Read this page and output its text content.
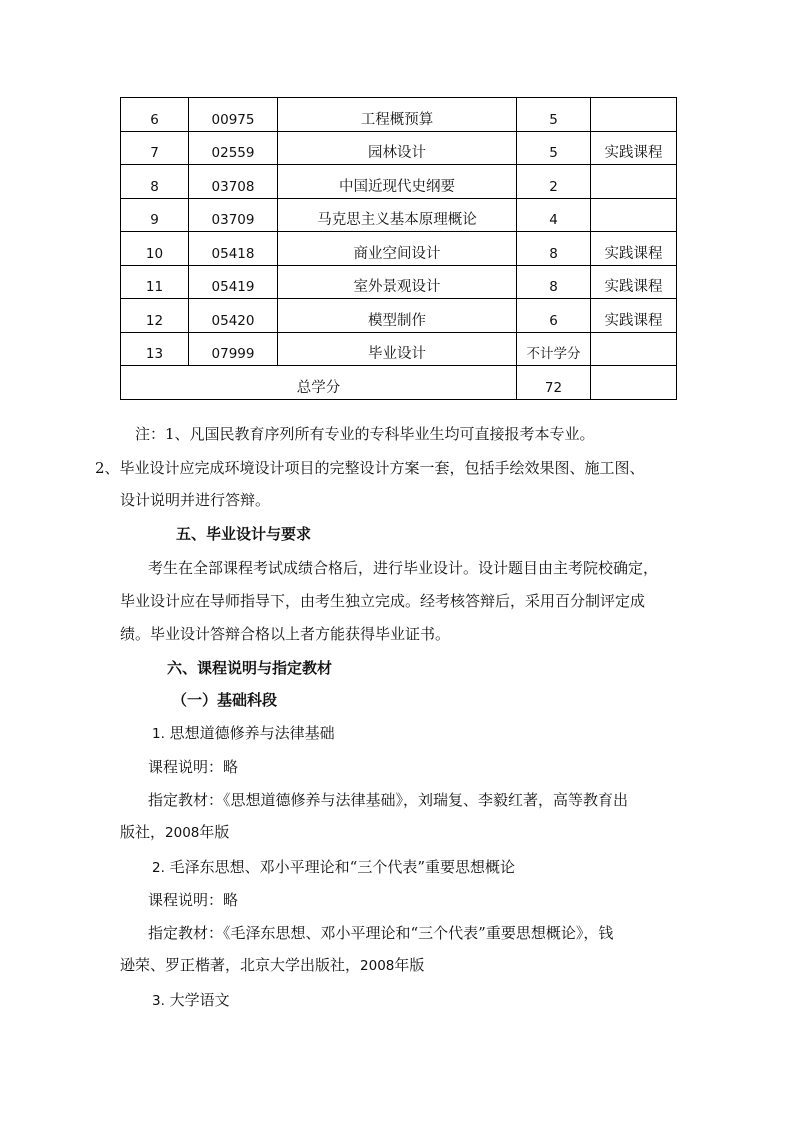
6	00975	工程概预算	5	
7	02559	园林设计	5	实践课程
8	03708	中国近现代史纲要	2	
9	03709	马克思主义基本原理概论	4	
10	05418	商业空间设计	8	实践课程
11	05419	室外景观设计	8	实践课程
12	05420	模型制作	6	实践课程
13	07999	毕业设计	不计学分	
总学分			72	

注：1、凡国民教育序列所有专业的专科毕业生均可直接报考本专业。

2、毕业设计应完成环境设计项目的完整设计方案一套，包括手绘效果图、施工图、

设计说明并进行答辩。

五、毕业设计与要求

考生在全部课程考试成绩合格后，进行毕业设计。设计题目由主考院校确定，

毕业设计应在导师指导下，由考生独立完成。经考核答辩后，采用百分制评定成

绩。毕业设计答辩合格以上者方能获得毕业证书。

六、课程说明与指定教材

（一）基础科段

1. 思想道德修养与法律基础

课程说明：略

指定教材：《思想道德修养与法律基础》，刘瑞复、李毅红著，高等教育出

版社，2008年版

2. 毛泽东思想、邓小平理论和“三个代表”重要思想概论

课程说明：略

指定教材：《毛泽东思想、邓小平理论和“三个代表”重要思想概论》，钱

逊荣、罗正楷著，北京大学出版社，2008年版

3. 大学语文
